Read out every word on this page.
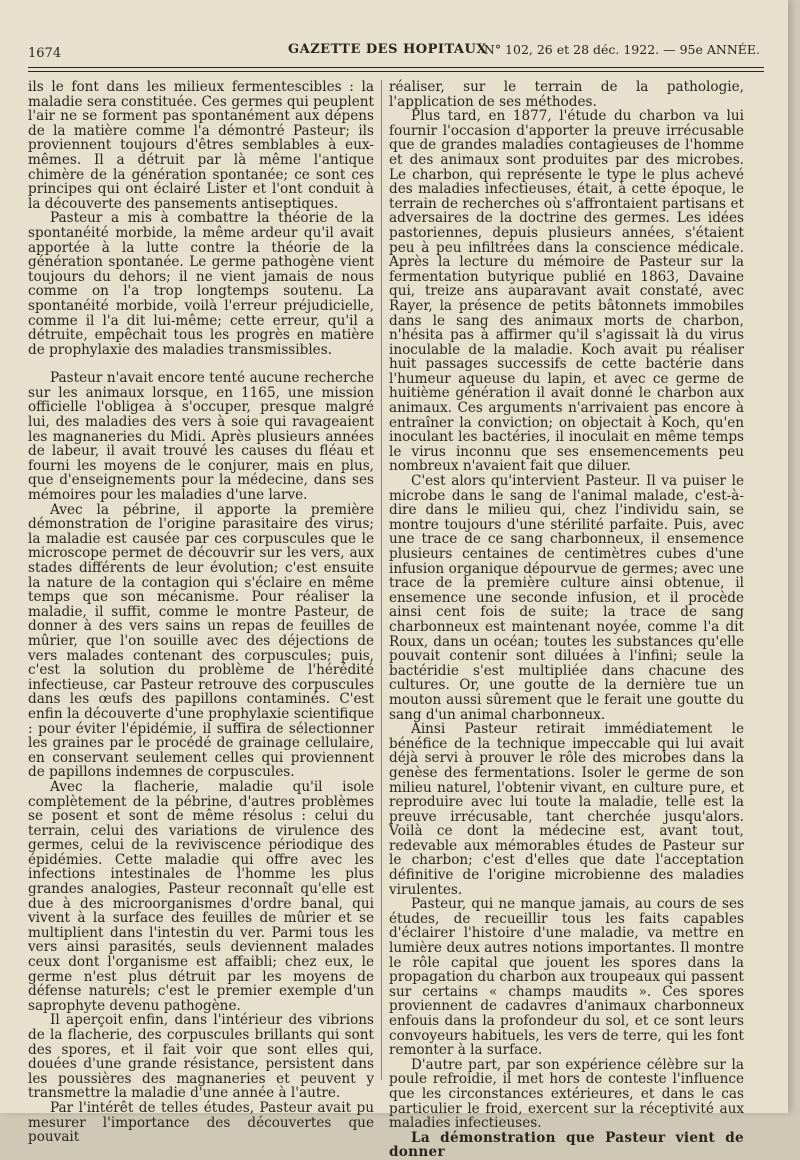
1674	GAZETTE DES HOPITAUX
N° 102, 26 et 28 déc. 1922. — 95e ANNÉE.

ils le font dans les milieux fermentescibles : la maladie sera constituée. Ces germes qui peuplent l'air ne se forment pas spontanément aux dépens de la matière comme l'a démontré Pasteur; ils proviennent toujours d'êtres semblables à eux-mêmes. Il a détruit par là même l'antique chimère de la génération spontanée; ce sont ces principes qui ont éclairé Lister et l'ont conduit à la découverte des pansements antiseptiques.

Pasteur a mis à combattre la théorie de la spontanéité morbide, la même ardeur qu'il avait apportée à la lutte contre la théorie de la génération spontanée. Le germe pathogène vient toujours du dehors; il ne vient jamais de nous comme on l'a trop longtemps soutenu. La spontanéité morbide, voilà l'erreur préjudicielle, comme il l'a dit lui-même; cette erreur, qu'il a détruite, empêchait tous les progrès en matière de prophylaxie des maladies transmissibles.

Pasteur n'avait encore tenté aucune recherche sur les animaux lorsque, en 1165, une mission officielle l'obligea à s'occuper, presque malgré lui, des maladies des vers à soie qui ravageaient les magnaneries du Midi. Après plusieurs années de labeur, il avait trouvé les causes du fléau et fourni les moyens de le conjurer, mais en plus, que d'enseignements pour la médecine, dans ses mémoires pour les maladies d'une larve.

Avec la pébrine, il apporte la première démonstration de l'origine parasitaire des virus; la maladie est causée par ces corpuscules que le microscope permet de découvrir sur les vers, aux stades différents de leur évolution; c'est ensuite la nature de la contagion qui s'éclaire en même temps que son mécanisme. Pour réaliser la maladie, il suffit, comme le montre Pasteur, de donner à des vers sains un repas de feuilles de mûrier, que l'on souille avec des déjections de vers malades contenant des corpuscules; puis, c'est la solution du problème de l'hérédité infectieuse, car Pasteur retrouve des corpuscules dans les œufs des papillons contaminés. C'est enfin la découverte d'une prophylaxie scientifique : pour éviter l'épidémie, il suffira de sélectionner les graines par le procédé de grainage cellulaire, en conservant seulement celles qui proviennent de papillons indemnes de corpuscules.

Avec la flacherie, maladie qu'il isole complètement de la pébrine, d'autres problèmes se posent et sont de même résolus : celui du terrain, celui des variations de virulence des germes, celui de la reviviscence périodique des épidémies. Cette maladie qui offre avec les infections intestinales de l'homme les plus grandes analogies, Pasteur reconnaît qu'elle est due à des microorganismes d'ordre banal, qui vivent à la surface des feuilles de mûrier et se multiplient dans l'intestin du ver. Parmi tous les vers ainsi parasités, seuls deviennent malades ceux dont l'organisme est affaibli; chez eux, le germe n'est plus détruit par les moyens de défense naturels; c'est le premier exemple d'un saprophyte devenu pathogène.

Il aperçoit enfin, dans l'intérieur des vibrions de la flacherie, des corpuscules brillants qui sont des spores, et il fait voir que sont elles qui, douées d'une grande résistance, persistent dans les poussières des magnaneries et peuvent y transmettre la maladie d'une année à l'autre.

Par l'intérêt de telles études, Pasteur avait pu mesurer l'importance des découvertes que pouvait

réaliser, sur le terrain de la pathologie, l'application de ses méthodes.

Plus tard, en 1877, l'étude du charbon va lui fournir l'occasion d'apporter la preuve irrécusable que de grandes maladies contagieuses de l'homme et des animaux sont produites par des microbes. Le charbon, qui représente le type le plus achevé des maladies infectieuses, était, à cette époque, le terrain de recherches où s'affrontaient partisans et adversaires de la doctrine des germes. Les idées pastoriennes, depuis plusieurs années, s'étaient peu à peu infiltrées dans la conscience médicale. Après la lecture du mémoire de Pasteur sur la fermentation butyrique publié en 1863, Davaine qui, treize ans auparavant avait constaté, avec Rayer, la présence de petits bâtonnets immobiles dans le sang des animaux morts de charbon, n'hésita pas à affirmer qu'il s'agissait là du virus inoculable de la maladie. Koch avait pu réaliser huit passages successifs de cette bactérie dans l'humeur aqueuse du lapin, et avec ce germe de huitième génération il avait donné le charbon aux animaux. Ces arguments n'arrivaient pas encore à entraîner la conviction; on objectait à Koch, qu'en inoculant les bactéries, il inoculait en même temps le virus inconnu que ses ensemencements peu nombreux n'avaient fait que diluer.

C'est alors qu'intervient Pasteur. Il va puiser le microbe dans le sang de l'animal malade, c'est-à-dire dans le milieu qui, chez l'individu sain, se montre toujours d'une stérilité parfaite. Puis, avec une trace de ce sang charbonneux, il ensemence plusieurs centaines de centimètres cubes d'une infusion organique dépourvue de germes; avec une trace de la première culture ainsi obtenue, il ensemence une seconde infusion, et il procède ainsi cent fois de suite; la trace de sang charbonneux est maintenant noyée, comme l'a dit Roux, dans un océan; toutes les substances qu'elle pouvait contenir sont diluées à l'infini; seule la bactéridie s'est multipliée dans chacune des cultures. Or, une goutte de la dernière tue un mouton aussi sûrement que le ferait une goutte du sang d'un animal charbonneux.

Ainsi Pasteur retirait immédiatement le bénéfice de la technique impeccable qui lui avait déjà servi à prouver le rôle des microbes dans la genèse des fermentations. Isoler le germe de son milieu naturel, l'obtenir vivant, en culture pure, et reproduire avec lui toute la maladie, telle est la preuve irrécusable, tant cherchée jusqu'alors. Voilà ce dont la médecine est, avant tout, redevable aux mémorables études de Pasteur sur le charbon; c'est d'elles que date l'acceptation définitive de l'origine microbienne des maladies virulentes.

Pasteur, qui ne manque jamais, au cours de ses études, de recueillir tous les faits capables d'éclairer l'histoire d'une maladie, va mettre en lumière deux autres notions importantes. Il montre le rôle capital que jouent les spores dans la propagation du charbon aux troupeaux qui passent sur certains « champs maudits ». Ces spores proviennent de cadavres d'animaux charbonneux enfouis dans la profondeur du sol, et ce sont leurs convoyeurs habituels, les vers de terre, qui les font remonter à la surface.

D'autre part, par son expérience célèbre sur la poule refroidie, il met hors de conteste l'influence que les circonstances extérieures, et dans le cas particulier le froid, exercent sur la réceptivité aux maladies infectieuses.

La démonstration que Pasteur vient de donner
